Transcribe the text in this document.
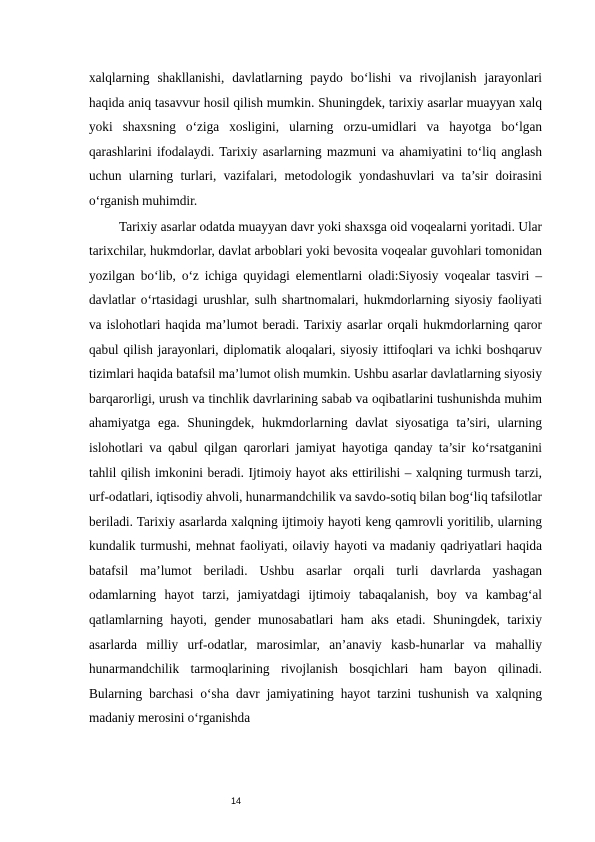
xalqlarning shakllanishi, davlatlarning paydo bo‘lishi va rivojlanish jarayonlari haqida aniq tasavvur hosil qilish mumkin. Shuningdek, tarixiy asarlar muayyan xalq yoki shaxsning o‘ziga xosligini, ularning orzu-umidlari va hayotga bo‘lgan qarashlarini ifodalaydi. Tarixiy asarlarning mazmuni va ahamiyatini to‘liq anglash uchun ularning turlari, vazifalari, metodologik yondashuvlari va ta’sir doirasini o‘rganish muhimdir.

Tarixiy asarlar odatda muayyan davr yoki shaxsga oid voqealarni yoritadi. Ular tarixchilar, hukmdorlar, davlat arboblari yoki bevosita voqealar guvohlari tomonidan yozilgan bo‘lib, o‘z ichiga quyidagi elementlarni oladi:Siyosiy voqealar tasviri – davlatlar o‘rtasidagi urushlar, sulh shartnomalari, hukmdorlarning siyosiy faoliyati va islohotlari haqida ma’lumot beradi. Tarixiy asarlar orqali hukmdorlarning qaror qabul qilish jarayonlari, diplomatik aloqalari, siyosiy ittifoqlari va ichki boshqaruv tizimlari haqida batafsil ma’lumot olish mumkin. Ushbu asarlar davlatlarning siyosiy barqarorligi, urush va tinchlik davrlarining sabab va oqibatlarini tushunishda muhim ahamiyatga ega. Shuningdek, hukmdorlarning davlat siyosatiga ta’siri, ularning islohotlari va qabul qilgan qarorlari jamiyat hayotiga qanday ta’sir ko‘rsatganini tahlil qilish imkonini beradi. Ijtimoiy hayot aks ettirilishi – xalqning turmush tarzi, urf-odatlari, iqtisodiy ahvoli, hunarmandchilik va savdo-sotiq bilan bog‘liq tafsilotlar beriladi. Tarixiy asarlarda xalqning ijtimoiy hayoti keng qamrovli yoritilib, ularning kundalik turmushi, mehnat faoliyati, oilaviy hayoti va madaniy qadriyatlari haqida batafsil ma’lumot beriladi. Ushbu asarlar orqali turli davrlarda yashagan odamlarning hayot tarzi, jamiyatdagi ijtimoiy tabaqalanish, boy va kambag‘al qatlamlarning hayoti, gender munosabatlari ham aks etadi. Shuningdek, tarixiy asarlarda milliy urf-odatlar, marosimlar, an’anaviy kasb-hunarlar va mahalliy hunarmandchilik tarmoqlarining rivojlanish bosqichlari ham bayon qilinadi. Bularning barchasi o‘sha davr jamiyatining hayot tarzini tushunish va xalqning madaniy merosini o‘rganishda

14
